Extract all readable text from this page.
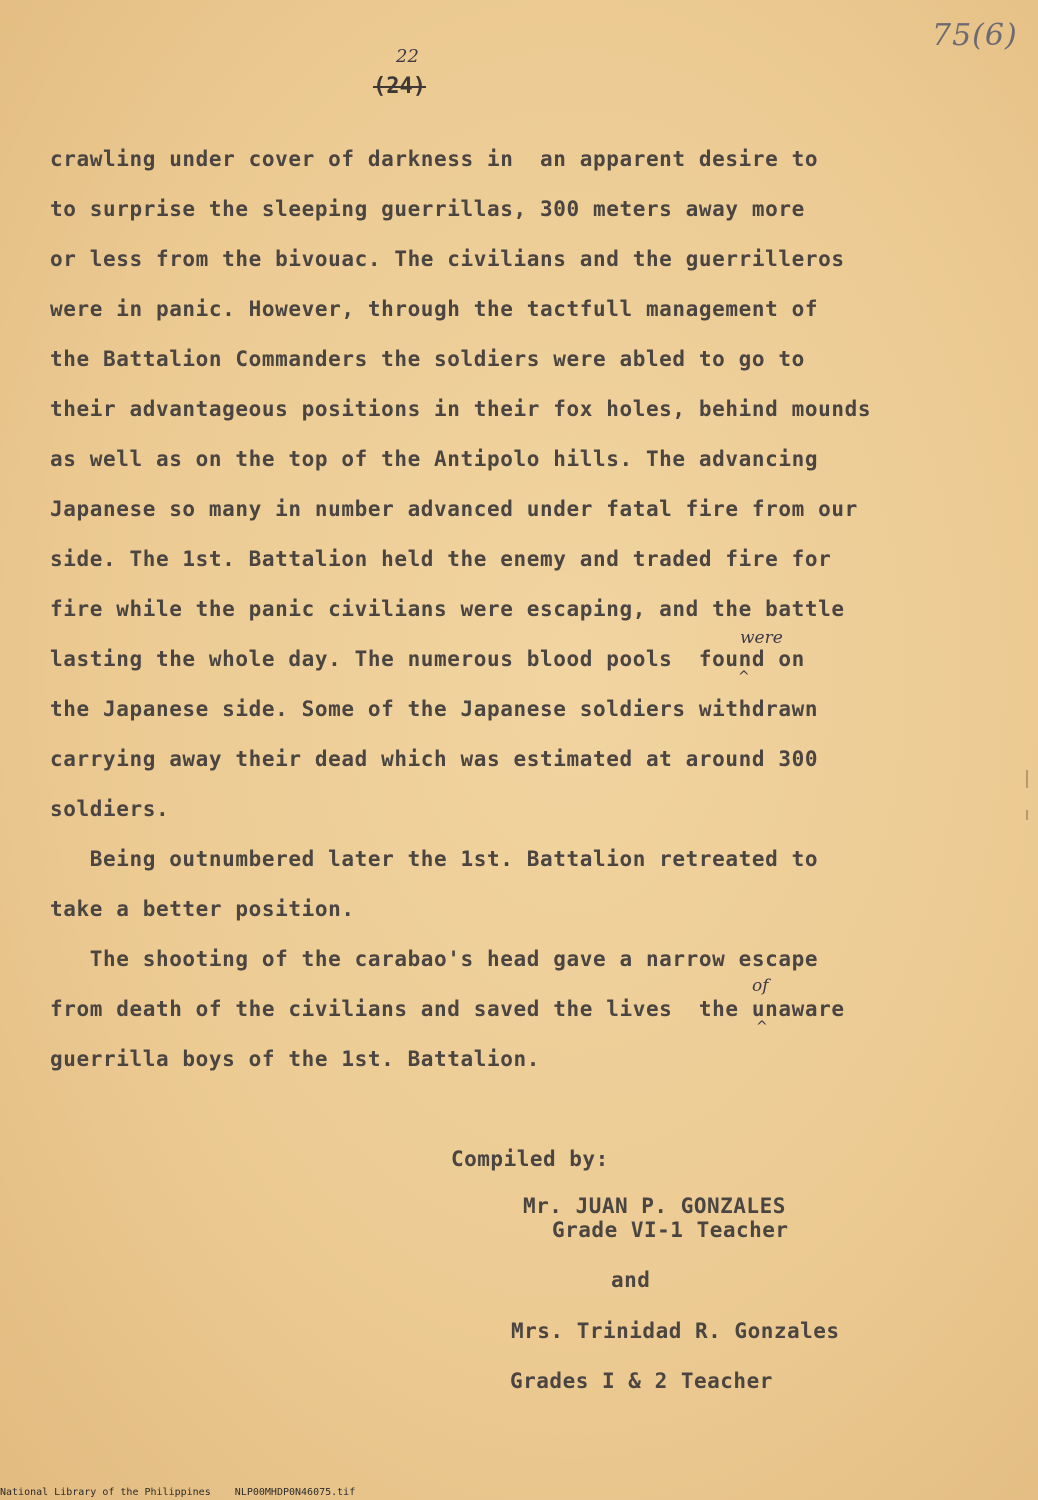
75(6)
22
(24)
crawling under cover of darkness in  an apparent desire to
to surprise the sleeping guerrillas, 300 meters away more
or less from the bivouac. The civilians and the guerrilleros
were in panic. However, through the tactfull management of
the Battalion Commanders the soldiers were abled to go to
their advantageous positions in their fox holes, behind mounds
as well as on the top of the Antipolo hills. The advancing
Japanese so many in number advanced under fatal fire from our
side. The 1st. Battalion held the enemy and traded fire for
fire while the panic civilians were escaping, and the battle
lasting the whole day. The numerous blood pools  found on
the Japanese side. Some of the Japanese soldiers withdrawn
carrying away their dead which was estimated at around 300
soldiers.
Being outnumbered later the 1st. Battalion retreated to
take a better position.
The shooting of the carabao's head gave a narrow escape
from death of the civilians and saved the lives  the unaware
guerrilla boys of the 1st. Battalion.
were
^
of
^
Compiled by:
Mr. JUAN P. GONZALES
Grade VI-1 Teacher
and
Mrs. Trinidad R. Gonzales
Grades I & 2 Teacher
National Library of the Philippines    NLP00MHDP0N46075.tif
